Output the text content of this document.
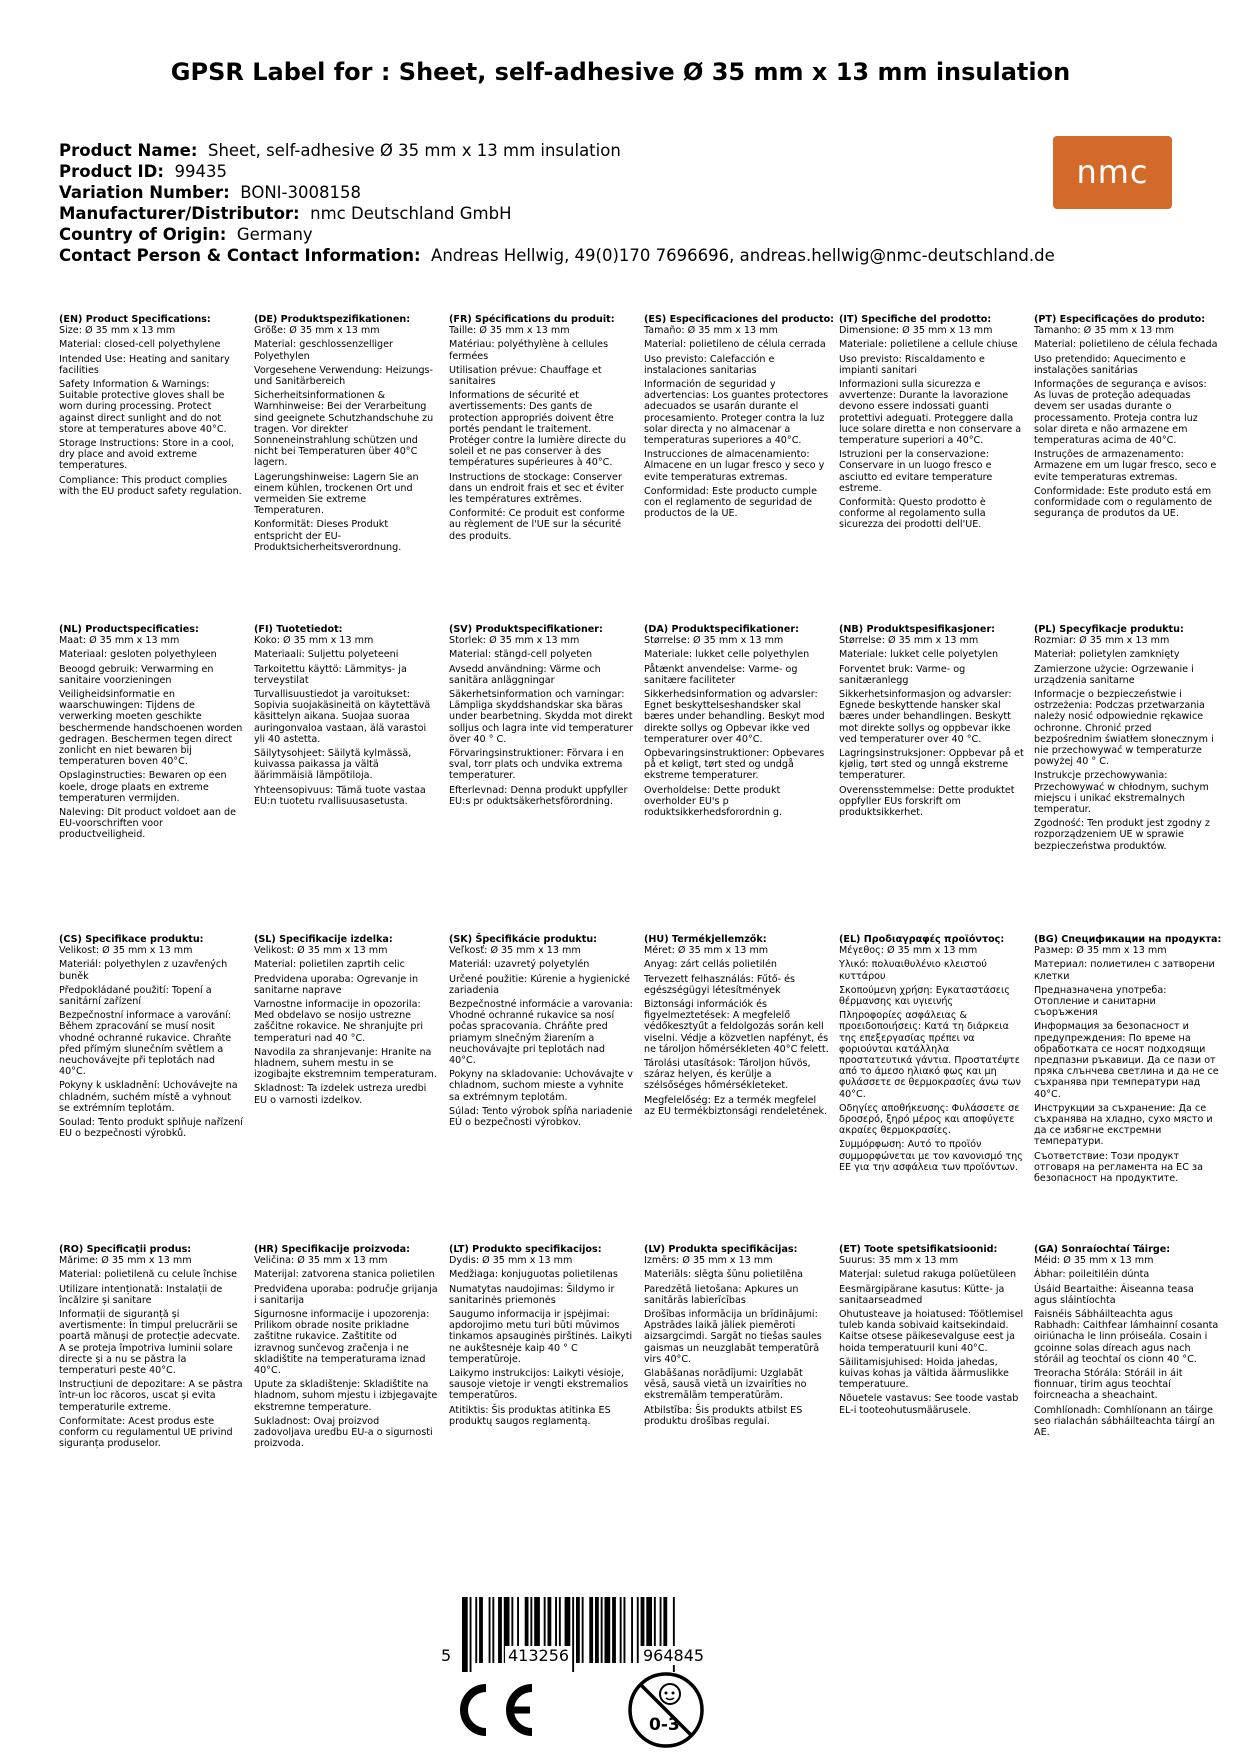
GPSR Label for : Sheet, self-adhesive Ø 35 mm x 13 mm insulation
Product Name: Sheet, self-adhesive Ø 35 mm x 13 mm insulation
Product ID: 99435
Variation Number: BONI-3008158
Manufacturer/Distributor: nmc Deutschland GmbH
Country of Origin: Germany
Contact Person & Contact Information: Andreas Hellwig, 49(0)170 7696696, andreas.hellwig@nmc-deutschland.de
nmc
(EN) Product Specifications:

Size: Ø 35 mm x 13 mm

Material: closed-cell polyethylene

Intended Use: Heating and sanitary facilities

Safety Information & Warnings: Suitable protective gloves shall be worn during processing. Protect against direct sunlight and do not store at temperatures above 40°C.

Storage Instructions: Store in a cool, dry place and avoid extreme temperatures.

Compliance: This product complies with the EU product safety regulation.

(DE) Produktspezifikationen:

Größe: Ø 35 mm x 13 mm

Material: geschlossenzelliger Polyethylen

Vorgesehene Verwendung: Heizungs- und Sanitärbereich

Sicherheitsinformationen & Warnhinweise: Bei der Verarbeitung sind geeignete Schutzhandschuhe zu tragen. Vor direkter Sonneneinstrahlung schützen und nicht bei Temperaturen über 40°C lagern.

Lagerungshinweise: Lagern Sie an einem kühlen, trockenen Ort und vermeiden Sie extreme Temperaturen.

Konformität: Dieses Produkt entspricht der EU-Produktsicherheitsverordnung.

(FR) Spécifications du produit:

Taille: Ø 35 mm x 13 mm

Matériau: polyéthylène à cellules fermées

Utilisation prévue: Chauffage et sanitaires

Informations de sécurité et avertissements: Des gants de protection appropriés doivent être portés pendant le traitement. Protéger contre la lumière directe du soleil et ne pas conserver à des températures supérieures à 40°C.

Instructions de stockage: Conserver dans un endroit frais et sec et éviter les températures extrêmes.

Conformité: Ce produit est conforme au règlement de l'UE sur la sécurité des produits.

(ES) Especificaciones del producto:

Tamaño: Ø 35 mm x 13 mm

Material: polietileno de célula cerrada

Uso previsto: Calefacción e instalaciones sanitarias

Información de seguridad y advertencias: Los guantes protectores adecuados se usarán durante el procesamiento. Proteger contra la luz solar directa y no almacenar a temperaturas superiores a 40°C.

Instrucciones de almacenamiento: Almacene en un lugar fresco y seco y evite temperaturas extremas.

Conformidad: Este producto cumple con el reglamento de seguridad de productos de la UE.

(IT) Specifiche del prodotto:

Dimensione: Ø 35 mm x 13 mm

Materiale: polietilene a cellule chiuse

Uso previsto: Riscaldamento e impianti sanitari

Informazioni sulla sicurezza e avvertenze: Durante la lavorazione devono essere indossati guanti protettivi adeguati. Proteggere dalla luce solare diretta e non conservare a temperature superiori a 40°C.

Istruzioni per la conservazione: Conservare in un luogo fresco e asciutto ed evitare temperature estreme.

Conformità: Questo prodotto è conforme al regolamento sulla sicurezza dei prodotti dell'UE.

(PT) Especificações do produto:

Tamanho: Ø 35 mm x 13 mm

Material: polietileno de célula fechada

Uso pretendido: Aquecimento e instalações sanitárias

Informações de segurança e avisos: As luvas de proteção adequadas devem ser usadas durante o processamento. Proteja contra luz solar direta e não armazene em temperaturas acima de 40°C.

Instruções de armazenamento: Armazene em um lugar fresco, seco e evite temperaturas extremas.

Conformidade: Este produto está em conformidade com o regulamento de segurança de produtos da UE.

(NL) Productspecificaties:

Maat: Ø 35 mm x 13 mm

Materiaal: gesloten polyethyleen

Beoogd gebruik: Verwarming en sanitaire voorzieningen

Veiligheidsinformatie en waarschuwingen: Tijdens de verwerking moeten geschikte beschermende handschoenen worden gedragen. Beschermen tegen direct zonlicht en niet bewaren bij temperaturen boven 40°C.

Opslaginstructies: Bewaren op een koele, droge plaats en extreme temperaturen vermijden.

Naleving: Dit product voldoet aan de EU-voorschriften voor productveiligheid.

(FI) Tuotetiedot:

Koko: Ø 35 mm x 13 mm

Materiaali: Suljettu polyeteeni

Tarkoitettu käyttö: Lämmitys- ja terveystilat

Turvallisuustiedot ja varoitukset: Sopivia suojakäsineitä on käytettävä käsittelyn aikana. Suojaa suoraa auringonvaloa vastaan, älä varastoi yli 40 astetta.

Säilytysohjeet: Säilytä kylmässä, kuivassa paikassa ja vältä äärimmäisiä lämpötiloja.

Yhteensopivuus: Tämä tuote vastaa EU:n tuotetu rvallisuusasetusta.

(SV) Produktspecifikationer:

Storlek: Ø 35 mm x 13 mm

Material: stängd-cell polyeten

Avsedd användning: Värme och sanitära anläggningar

Säkerhetsinformation och varningar: Lämpliga skyddshandskar ska bäras under bearbetning. Skydda mot direkt solljus och lagra inte vid temperaturer över 40 ° C.

Förvaringsinstruktioner: Förvara i en sval, torr plats och undvika extrema temperaturer.

Efterlevnad: Denna produkt uppfyller EU:s pr oduktsäkerhetsförordning.

(DA) Produktspecifikationer:

Størrelse: Ø 35 mm x 13 mm

Materiale: lukket celle polyethylen

Påtænkt anvendelse: Varme- og sanitære faciliteter

Sikkerhedsinformation og advarsler: Egnet beskyttelseshandsker skal bæres under behandling. Beskyt mod direkte sollys og Opbevar ikke ved temperaturer over 40°C.

Opbevaringsinstruktioner: Opbevares på et køligt, tørt sted og undgå ekstreme temperaturer.

Overholdelse: Dette produkt overholder EU's p roduktsikkerhedsforordnin g.

(NB) Produktspesifikasjoner:

Størrelse: Ø 35 mm x 13 mm

Materiale: lukket celle polyetylen

Forventet bruk: Varme- og sanitæranlegg

Sikkerhetsinformasjon og advarsler: Egnede beskyttende hansker skal bæres under behandlingen. Beskytt mot direkte sollys og oppbevar ikke ved temperaturer over 40 °C.

Lagringsinstruksjoner: Oppbevar på et kjølig, tørt sted og unngå ekstreme temperaturer.

Overensstemmelse: Dette produktet oppfyller EUs forskrift om produktsikkerhet.

(PL) Specyfikacje produktu:

Rozmiar: Ø 35 mm x 13 mm

Materiał: polietylen zamknięty

Zamierzone użycie: Ogrzewanie i urządzenia sanitarne

Informacje o bezpieczeństwie i ostrzeżenia: Podczas przetwarzania należy nosić odpowiednie rękawice ochronne. Chronić przed bezpośrednim światłem słonecznym i nie przechowywać w temperaturze powyżej 40 ° C.

Instrukcje przechowywania: Przechowywać w chłodnym, suchym miejscu i unikać ekstremalnych temperatur.

Zgodność: Ten produkt jest zgodny z rozporządzeniem UE w sprawie bezpieczeństwa produktów.

(CS) Specifikace produktu:

Velikost: Ø 35 mm x 13 mm

Materiál: polyethylen z uzavřených buněk

Předpokládané použití: Topení a sanitární zařízení

Bezpečnostní informace a varování: Během zpracování se musí nosit vhodné ochranné rukavice. Chraňte před přímým slunečním světlem a neuchovávejte při teplotách nad 40°C.

Pokyny k uskladnění: Uchovávejte na chladném, suchém místě a vyhnout se extrémním teplotám.

Soulad: Tento produkt splňuje nařízení EU o bezpečnosti výrobků.

(SL) Specifikacije izdelka:

Velikost: Ø 35 mm x 13 mm

Material: polietilen zaprtih celic

Predvidena uporaba: Ogrevanje in sanitarne naprave

Varnostne informacije in opozorila: Med obdelavo se nosijo ustrezne zaščitne rokavice. Ne shranjujte pri temperaturi nad 40 °C.

Navodila za shranjevanje: Hranite na hladnem, suhem mestu in se izogibajte ekstremnim temperaturam.

Skladnost: Ta izdelek ustreza uredbi EU o varnosti izdelkov.

(SK) Špecifikácie produktu:

Veľkosť: Ø 35 mm x 13 mm

Materiál: uzavretý polyetylén

Určené použitie: Kúrenie a hygienické zariadenia

Bezpečnostné informácie a varovania: Vhodné ochranné rukavice sa nosí počas spracovania. Chráňte pred priamym slnečným žiarením a neuchovávajte pri teplotách nad 40°C.

Pokyny na skladovanie: Uchovávajte v chladnom, suchom mieste a vyhnite sa extrémnym teplotám.

Súlad: Tento výrobok spĺňa nariadenie EÚ o bezpečnosti výrobkov.

(HU) Termékjellemzők:

Méret: Ø 35 mm x 13 mm

Anyag: zárt cellás polietilén

Tervezett felhasználás: Fűtő- és egészségügyi létesítmények

Biztonsági információk és figyelmeztetések: A megfelelő védőkesztyűt a feldolgozás során kell viselni. Védje a közvetlen napfényt, és ne tároljon hőmérsékleten 40°C felett.

Tárolási utasítások: Tároljon hűvös, száraz helyen, és kerülje a szélsőséges hőmérsékleteket.

Megfelelőség: Ez a termék megfelel az EU termékbiztonsági rendeletének.

(EL) Προδιαγραφές προϊόντος:

Μέγεθος: Ø 35 mm x 13 mm

Υλικό: πολυαιθυλένιο κλειστού κυττάρου

Σκοπούμενη χρήση: Εγκαταστάσεις θέρμανσης και υγιεινής

Πληροφορίες ασφάλειας & προειδοποιήσεις: Κατά τη διάρκεια της επεξεργασίας πρέπει να φοριούνται κατάλληλα προστατευτικά γάντια. Προστατέψτε από το άμεσο ηλιακό φως και μη φυλάσσετε σε θερμοκρασίες άνω των 40°C.

Οδηγίες αποθήκευσης: Φυλάσσετε σε δροσερό, ξηρό μέρος και αποφύγετε ακραίες θερμοκρασίες.

Συμμόρφωση: Αυτό το προϊόν συμμορφώνεται με τον κανονισμό της ΕΕ για την ασφάλεια των προϊόντων.

(BG) Спецификации на продукта:

Размер: Ø 35 mm x 13 mm

Материал: полиетилен с затворени клетки

Предназначена употреба: Отопление и санитарни съоръжения

Информация за безопасност и предупреждения: По време на обработката се носят подходящи предпазни ръкавици. Да се пази от пряка слънчева светлина и да не се съхранява при температури над 40°C.

Инструкции за съхранение: Да се съхранява на хладно, сухо място и да се избягне екстремни температури.

Съответствие: Този продукт отговаря на регламента на ЕС за безопасност на продуктите.

(RO) Specificații produs:

Mărime: Ø 35 mm x 13 mm

Material: polietilenă cu celule închise

Utilizare intenționată: Instalații de încălzire și sanitare

Informații de siguranță și avertismente: În timpul prelucrării se poartă mănuși de protecție adecvate. A se proteja împotriva luminii solare directe și a nu se păstra la temperaturi peste 40°C.

Instrucțiuni de depozitare: A se păstra într-un loc răcoros, uscat și evita temperaturile extreme.

Conformitate: Acest produs este conform cu regulamentul UE privind siguranța produselor.

(HR) Specifikacije proizvoda:

Veličina: Ø 35 mm x 13 mm

Materijal: zatvorena stanica polietilen

Predviđena uporaba: područje grijanja i sanitarija

Sigurnosne informacije i upozorenja: Prilikom obrade nosite prikladne zaštitne rukavice. Zaštitite od izravnog sunčevog zračenja i ne skladištite na temperaturama iznad 40°C.

Upute za skladištenje: Skladištite na hladnom, suhom mjestu i izbjegavajte ekstremne temperature.

Sukladnost: Ovaj proizvod zadovoljava uredbu EU-a o sigurnosti proizvoda.

(LT) Produkto specifikacijos:

Dydis: Ø 35 mm x 13 mm

Medžiaga: konjuguotas polietilenas

Numatytas naudojimas: Šildymo ir sanitarinės priemonės

Saugumo informacija ir įspėjimai: apdorojimo metu turi būti mūvimos tinkamos apsauginės pirštinės. Laikyti ne aukštesnėje kaip 40 ° C temperatūroje.

Laikymo instrukcijos: Laikyti vėsioje, sausoje vietoje ir vengti ekstremalios temperatūros.

Atitiktis: Šis produktas atitinka ES produktų saugos reglamentą.

(LV) Produkta specifikācijas:

Izmērs: Ø 35 mm x 13 mm

Materiāls: slēgta šūnu polietilēna

Paredzētā lietošana: Apkures un sanitārās labierīcības

Drošības informācija un brīdinājumi: Apstrādes laikā jāliek piemēroti aizsargcimdi. Sargāt no tiešas saules gaismas un neuzglabāt temperatūrā virs 40°C.

Glabāšanas norādījumi: Uzglabāt vēsā, sausā vietā un izvairīties no ekstremālām temperatūrām.

Atbilstība: Šis produkts atbilst ES produktu drošības regulai.

(ET) Toote spetsifikatsioonid:

Suurus: 35 mm x 13 mm

Materjal: suletud rakuga polüetüleen

Eesmärgipärane kasutus: Kütte- ja sanitaarseadmed

Ohutusteave ja hoiatused: Töötlemisel tuleb kanda sobivaid kaitsekindaid. Kaitse otsese päikesevalguse eest ja hoida temperatuuril kuni 40°C.

Säilitamisjuhised: Hoida jahedas, kuivas kohas ja vältida äärmuslikke temperatuure.

Nõuetele vastavus: See toode vastab EL-i tooteohutusmäärusele.

(GA) Sonraíochtaí Táirge:

Méid: Ø 35 mm x 13 mm

Ábhar: poileitiléin dúnta

Úsáid Beartaithe: Áiseanna teasa agus sláintíochta

Faisnéis Sábháilteachta agus Rabhadh: Caithfear lámhainní cosanta oiriúnacha le linn próiseála. Cosain i gcoinne solas díreach agus nach stóráil ag teochtaí os cionn 40 °C.

Treoracha Stórála: Stóráil in áit fionnuar, tirim agus teochtaí foircneacha a sheachaint.

Comhlíonadh: Comhlíonann an táirge seo rialachán sábháilteachta táirgí an AE.

5	413256	964845
0-3
